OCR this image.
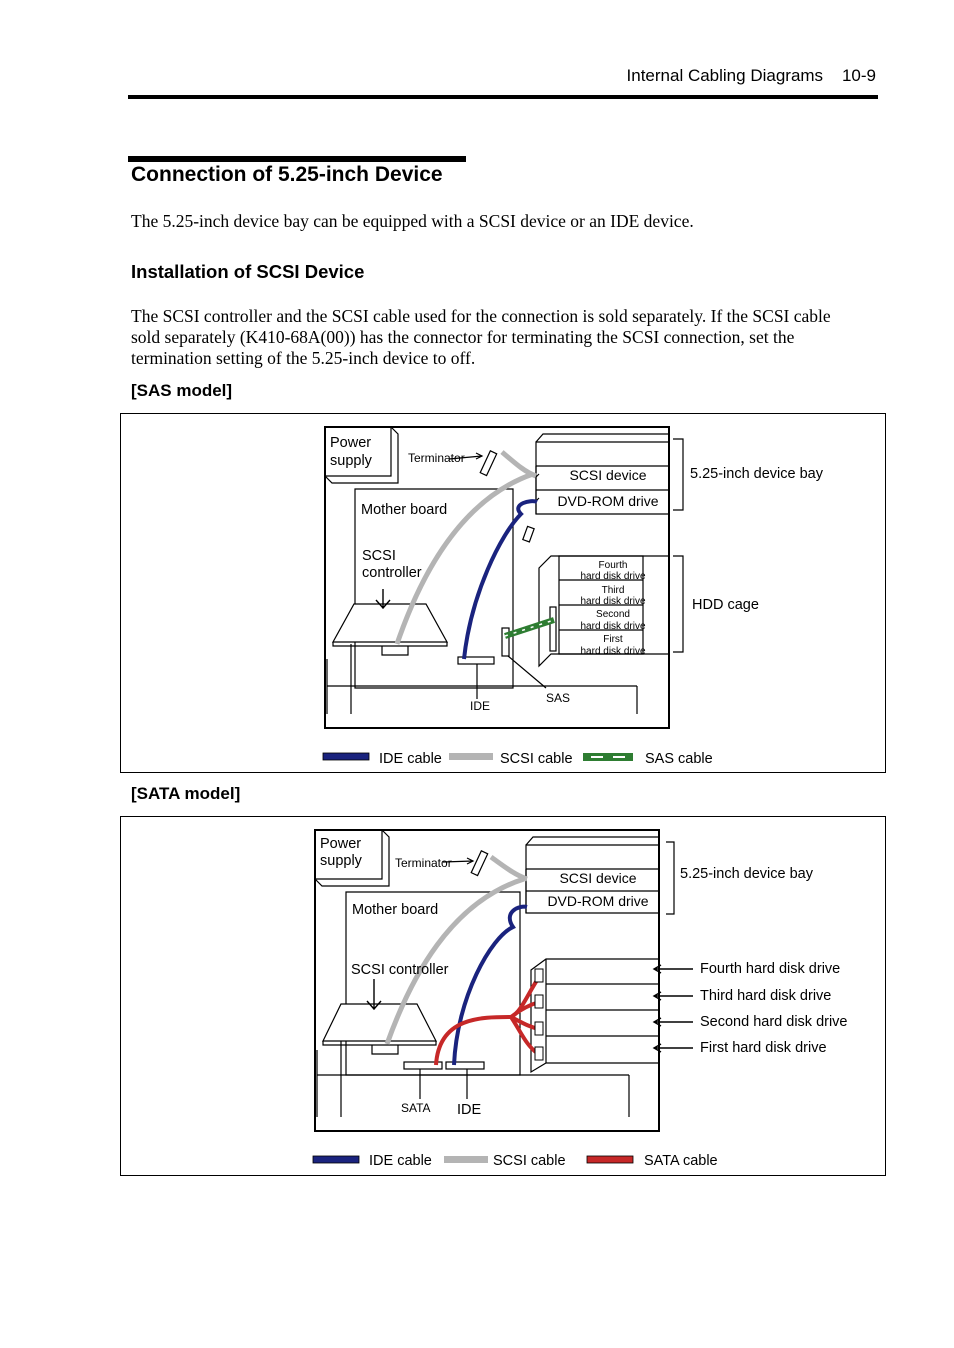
Internal Cabling Diagrams 10-9
Connection of 5.25-inch Device
The 5.25-inch device bay can be equipped with a SCSI device or an IDE device.
Installation of SCSI Device
The SCSI controller and the SCSI cable used for the connection is sold separately. If the SCSI cable
sold separately (K410-68A(00)) has the connector for terminating the SCSI connection, set the
termination setting of the 5.25-inch device to off.
[SAS model]
Power
supply	Terminator
SCSI device
DVD-ROM drive
5.25-inch device bay
Mother board
SCSI
controller
HDD cage
Fourth
hard disk drive
Third
hard disk drive
Second
hard disk drive
First
hard disk drive
IDE
SAS
IDE cable	SCSI cable	SAS cable
[SATA model]
Power
supply	Terminator
SCSI device
DVD-ROM drive
5.25-inch device bay
Mother board
SCSI controller
SATA IDE
Fourth hard disk drive
Third hard disk drive
Second hard disk drive
First hard disk drive
IDE cable	SCSI cable	SATA cable
